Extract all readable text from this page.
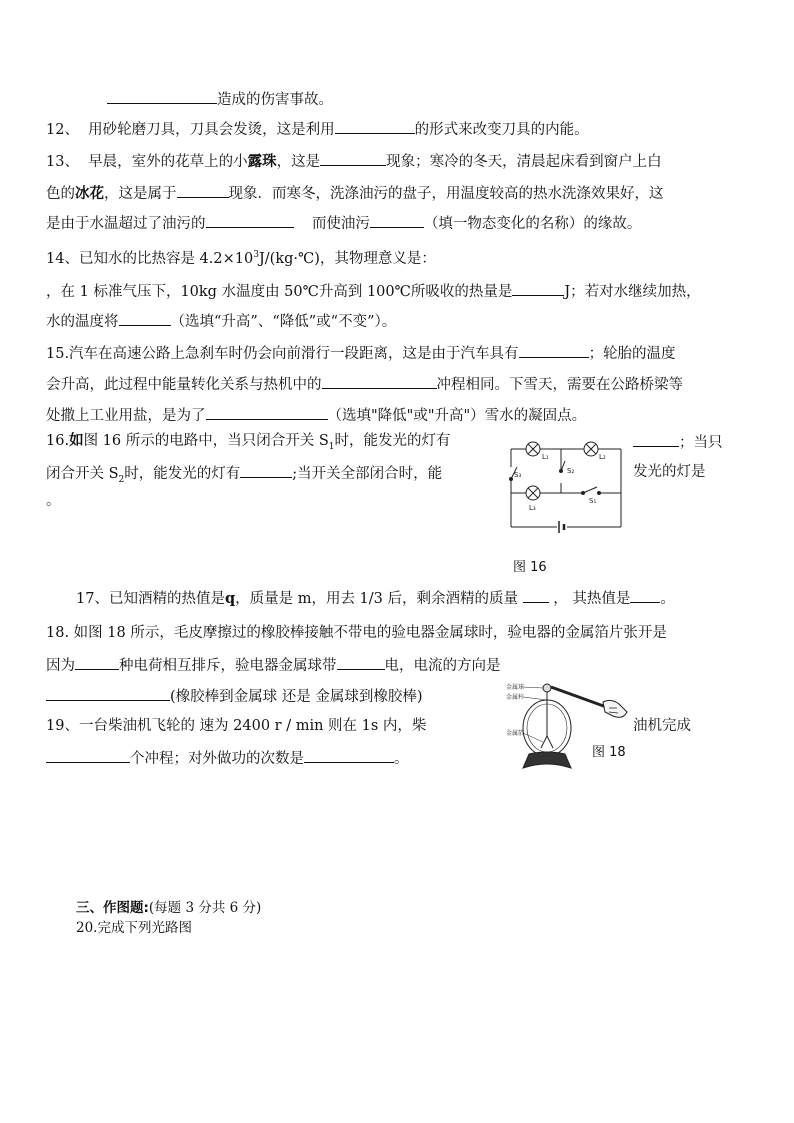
造成的伤害事故。
12、 用砂轮磨刀具，刀具会发烫，这是利用	的形式来改变刀具的内能。
13、 早晨，室外的花草上的小露珠，这是	现象；寒冷的冬天，清晨起床看到窗户上白
色的冰花，这是属于	现象．而寒冬，洗涤油污的盘子，用温度较高的热水洗涤效果好，这
是由于水温超过了油污的	而使油污	（填一物态变化的名称）的缘故。
14、已知水的比热容是 $4.2\times 10^3J/(kg\cdot℃)$，其物理意义是：
，在 1 标准气压下，10kg 水温度由 50℃升高到 100℃所吸收的热量是	J；若对水继续加热，
水的温度将	（选填“升高”、“降低”或“不变”）。
15.汽车在高速公路上急刹车时仍会向前滑行一段距离，这是由于汽车具有	；轮胎的温度
会升高，此过程中能量转化关系与热机中的	冲程相同。下雪天，需要在公路桥梁等
处撒上工业用盐，是为了	（选填"降低"或"升高"）雪水的凝固点。
16.如图 16 所示的电路中，当只闭合开关 $S_1$时，能发光的灯有	；当只
闭合开关 $S_2$时，能发光的灯有	;当开关全部闭合时，能	发光的灯是
。
L₁	L₂
L₃
S₃	S₂
S₁
图 16
17、已知酒精的热值是q，质量是 m，用去 1/3 后，剩余酒精的质量 ， 其热值是 。
18. 如图 18 所示，毛皮摩擦过的橡胶棒接触不带电的验电器金属球时，验电器的金属箔片张开是
因为	种电荷相互排斥，验电器金属球带	电，电流的方向是
(橡胶棒到金属球 还是 金属球到橡胶棒)
金属球
金属杆
金属箔
图 18
19、一台柴油机飞轮的 速为 2400 r / min 则在 1s 内，柴	油机完成
个冲程；对外做功的次数是	。
三、作图题:(每题 3 分共 6 分)
20.完成下列光路图
